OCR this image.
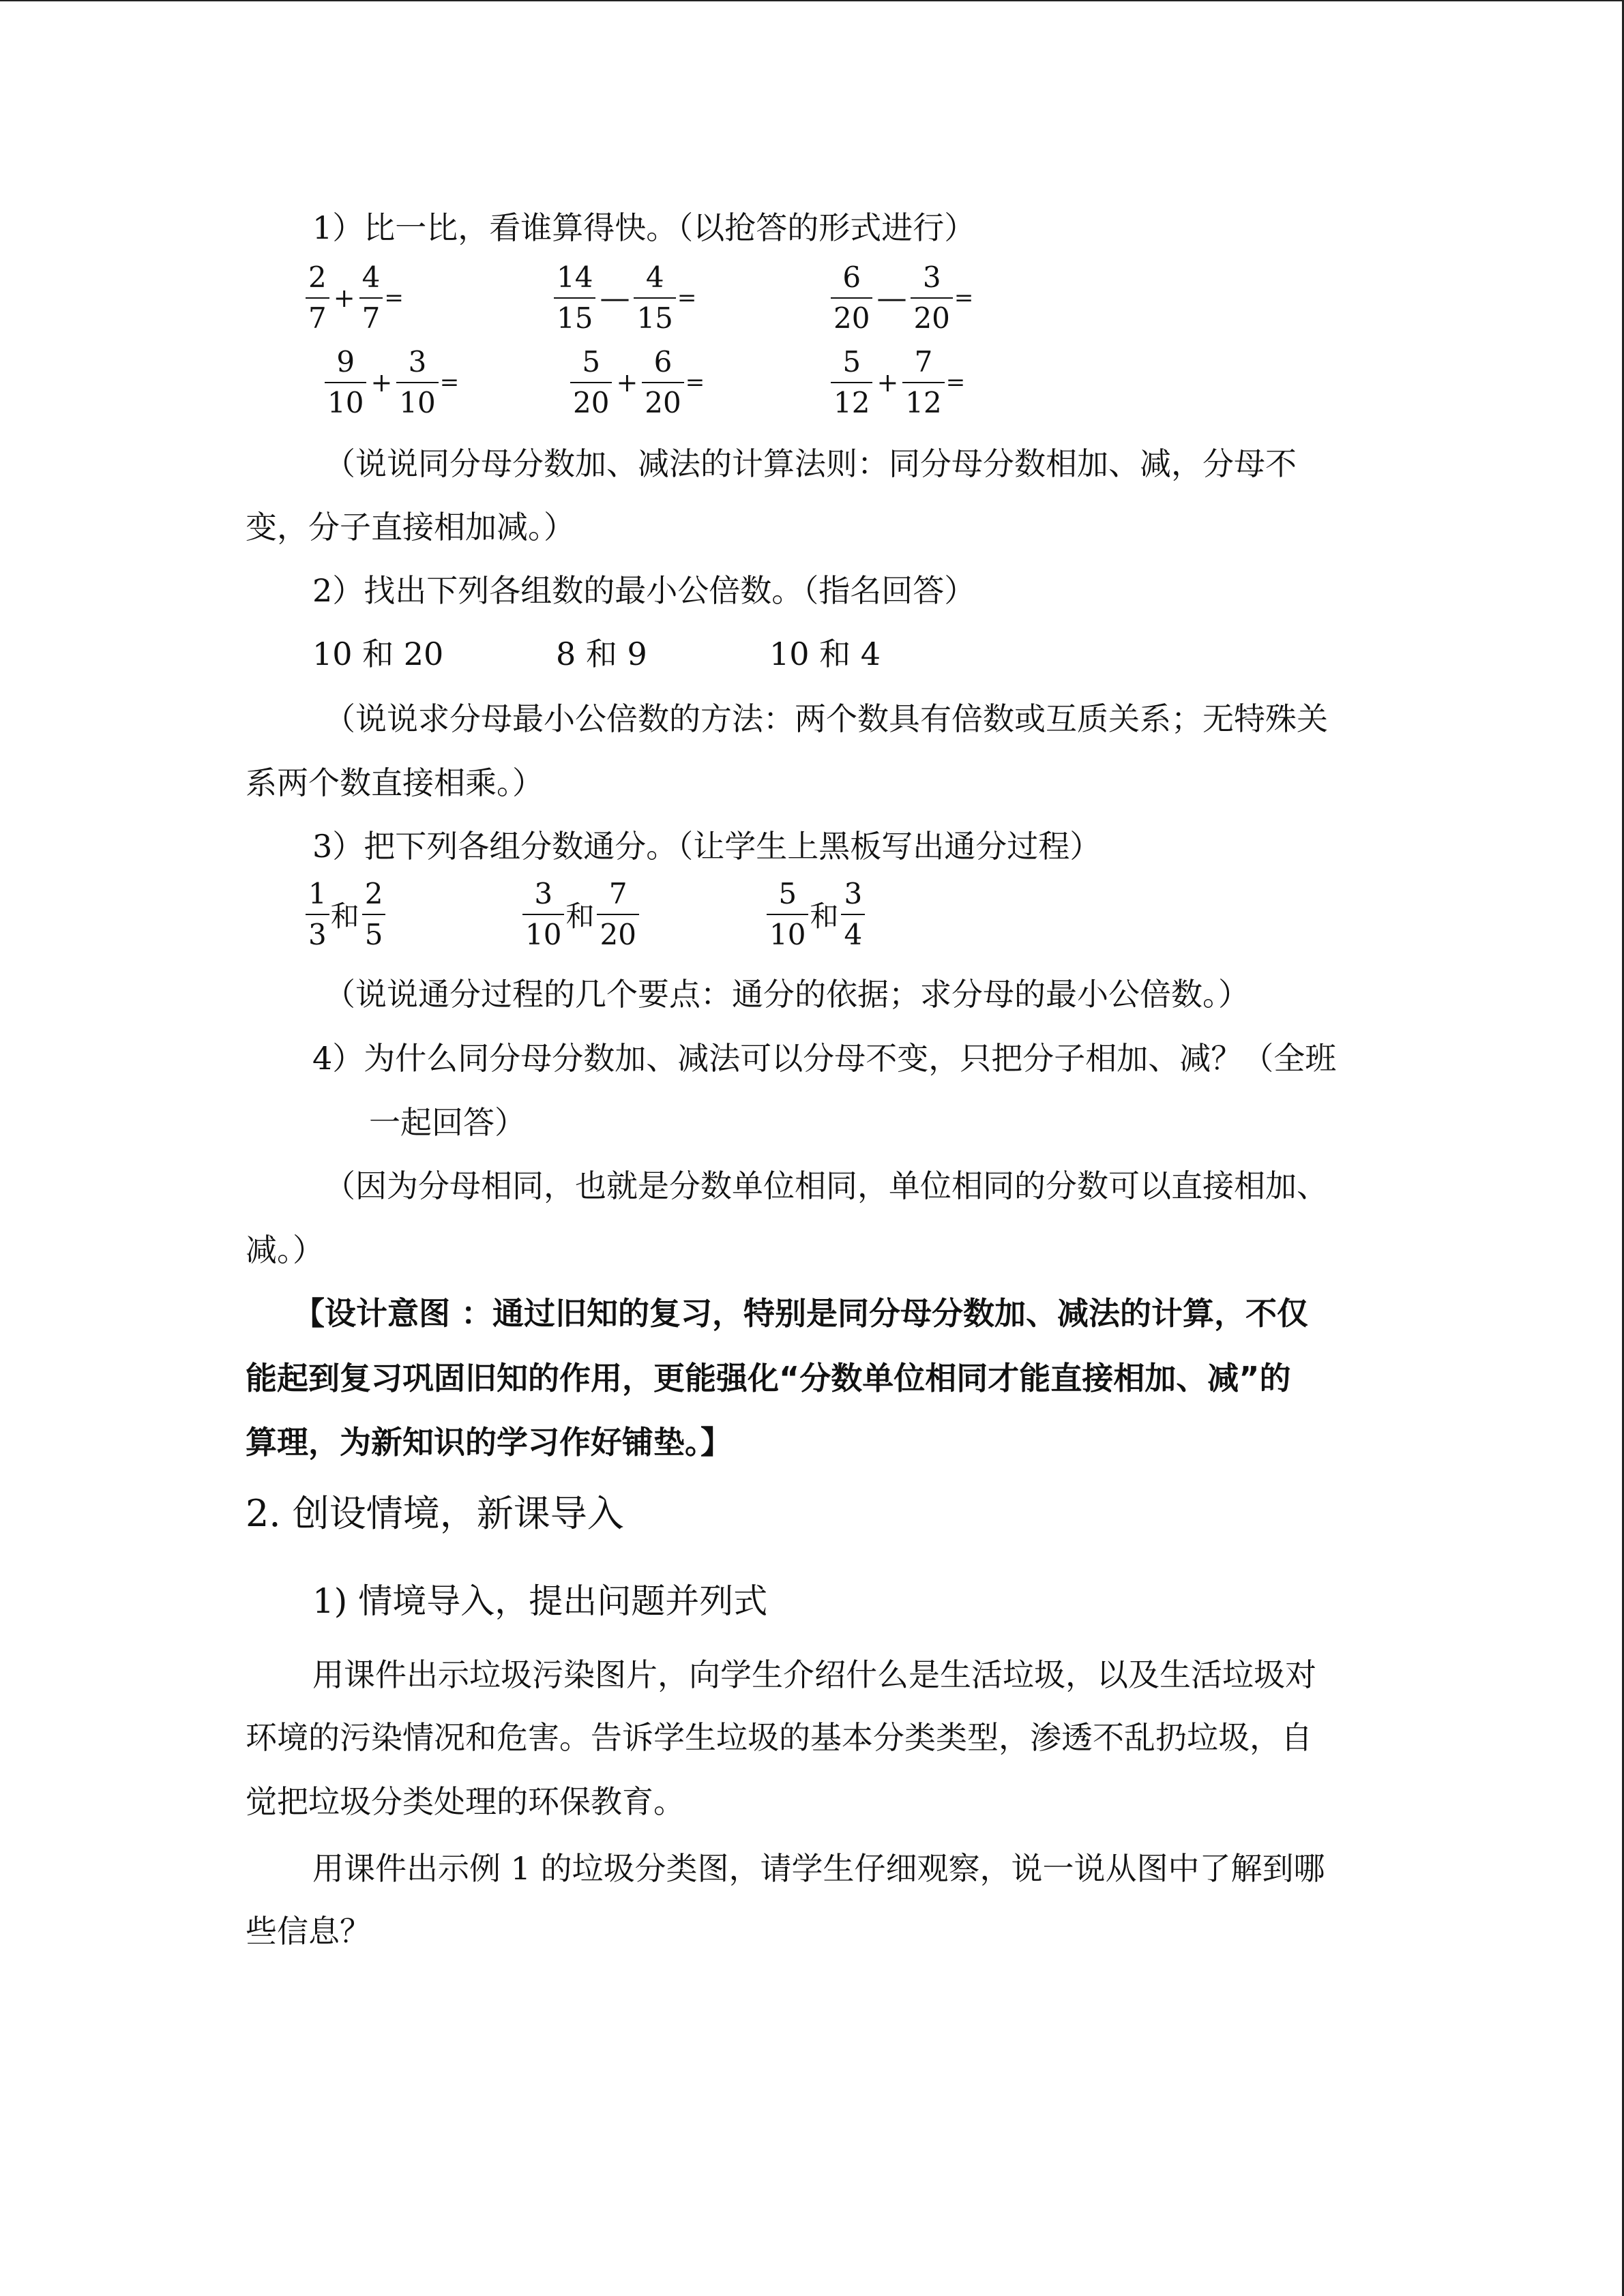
1）比一比，看谁算得快。（以抢答的形式进行）
$\frac{2}{7} + \frac{4}{7}$ =	$\frac{14}{15}$ — $\frac{4}{15}$ =	$\frac{6}{20}$ — $\frac{3}{20}$ =
$\frac{9}{10} + \frac{3}{10}$ =	$\frac{5}{20} + \frac{6}{20}$ =	$\frac{5}{12} + \frac{7}{12}$ =
（说说同分母分数加、减法的计算法则：同分母分数相加、减，分母不
变，分子直接相加减。）
2）找出下列各组数的最小公倍数。（指名回答）
10 和 20	8 和 9	10 和 4
（说说求分母最小公倍数的方法：两个数具有倍数或互质关系；无特殊关
系两个数直接相乘。）
3）把下列各组分数通分。（让学生上黑板写出通分过程）
$\frac{1}{3}$ 和 $\frac{2}{5}$	$\frac{3}{10}$ 和 $\frac{7}{20}$	$\frac{5}{10}$ 和 $\frac{3}{4}$
（说说通分过程的几个要点：通分的依据；求分母的最小公倍数。）
4）为什么同分母分数加、减法可以分母不变，只把分子相加、减？（全班
一起回答）
（因为分母相同，也就是分数单位相同，单位相同的分数可以直接相加、
减。）
【设计意图 ：通过旧知的复习，特别是同分母分数加、减法的计算，不仅
能起到复习巩固旧知的作用，更能强化“分数单位相同才能直接相加、减”的
算理，为新知识的学习作好铺垫。】
2. 创设情境，新课导入
1) 情境导入，提出问题并列式
用课件出示垃圾污染图片，向学生介绍什么是生活垃圾，以及生活垃圾对
环境的污染情况和危害。告诉学生垃圾的基本分类类型，渗透不乱扔垃圾，自
觉把垃圾分类处理的环保教育。
用课件出示例 1 的垃圾分类图，请学生仔细观察，说一说从图中了解到哪
些信息？
